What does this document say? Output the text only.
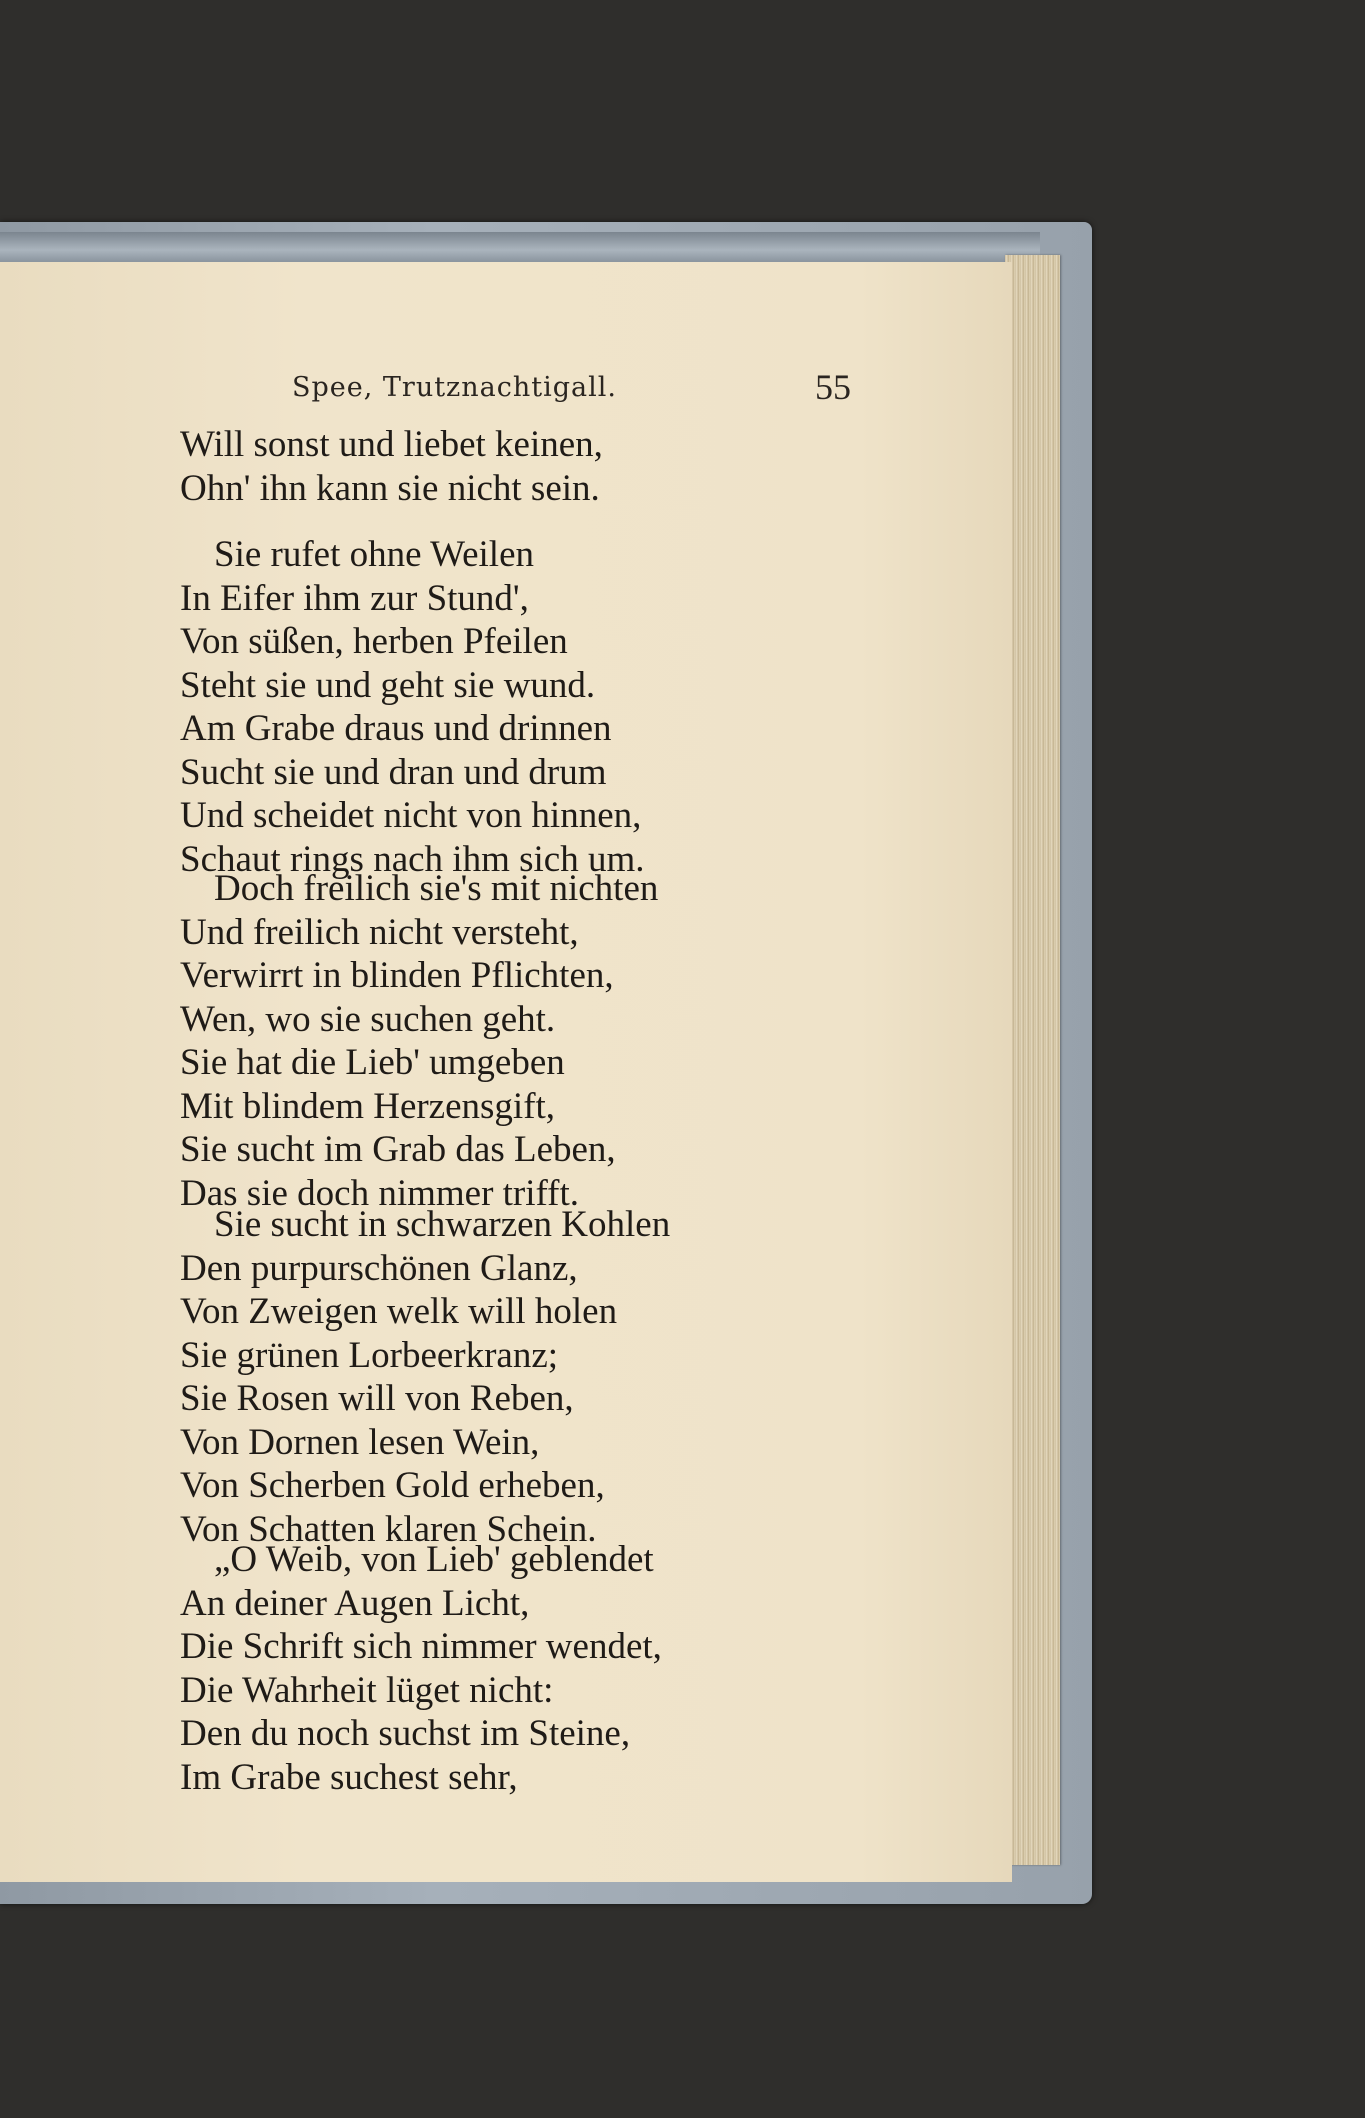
Spee, Trutznachtigall.	55
Will sonst und liebet keinen,
Ohn' ihn kann sie nicht sein.
Sie rufet ohne Weilen
In Eifer ihm zur Stund',
Von süßen, herben Pfeilen
Steht sie und geht sie wund.
Am Grabe draus und drinnen
Sucht sie und dran und drum
Und scheidet nicht von hinnen,
Schaut rings nach ihm sich um.
Doch freilich sie's mit nichten
Und freilich nicht versteht,
Verwirrt in blinden Pflichten,
Wen, wo sie suchen geht.
Sie hat die Lieb' umgeben
Mit blindem Herzensgift,
Sie sucht im Grab das Leben,
Das sie doch nimmer trifft.
Sie sucht in schwarzen Kohlen
Den purpurschönen Glanz,
Von Zweigen welk will holen
Sie grünen Lorbeerkranz;
Sie Rosen will von Reben,
Von Dornen lesen Wein,
Von Scherben Gold erheben,
Von Schatten klaren Schein.
„O Weib, von Lieb' geblendet
An deiner Augen Licht,
Die Schrift sich nimmer wendet,
Die Wahrheit lüget nicht:
Den du noch suchst im Steine,
Im Grabe suchest sehr,
